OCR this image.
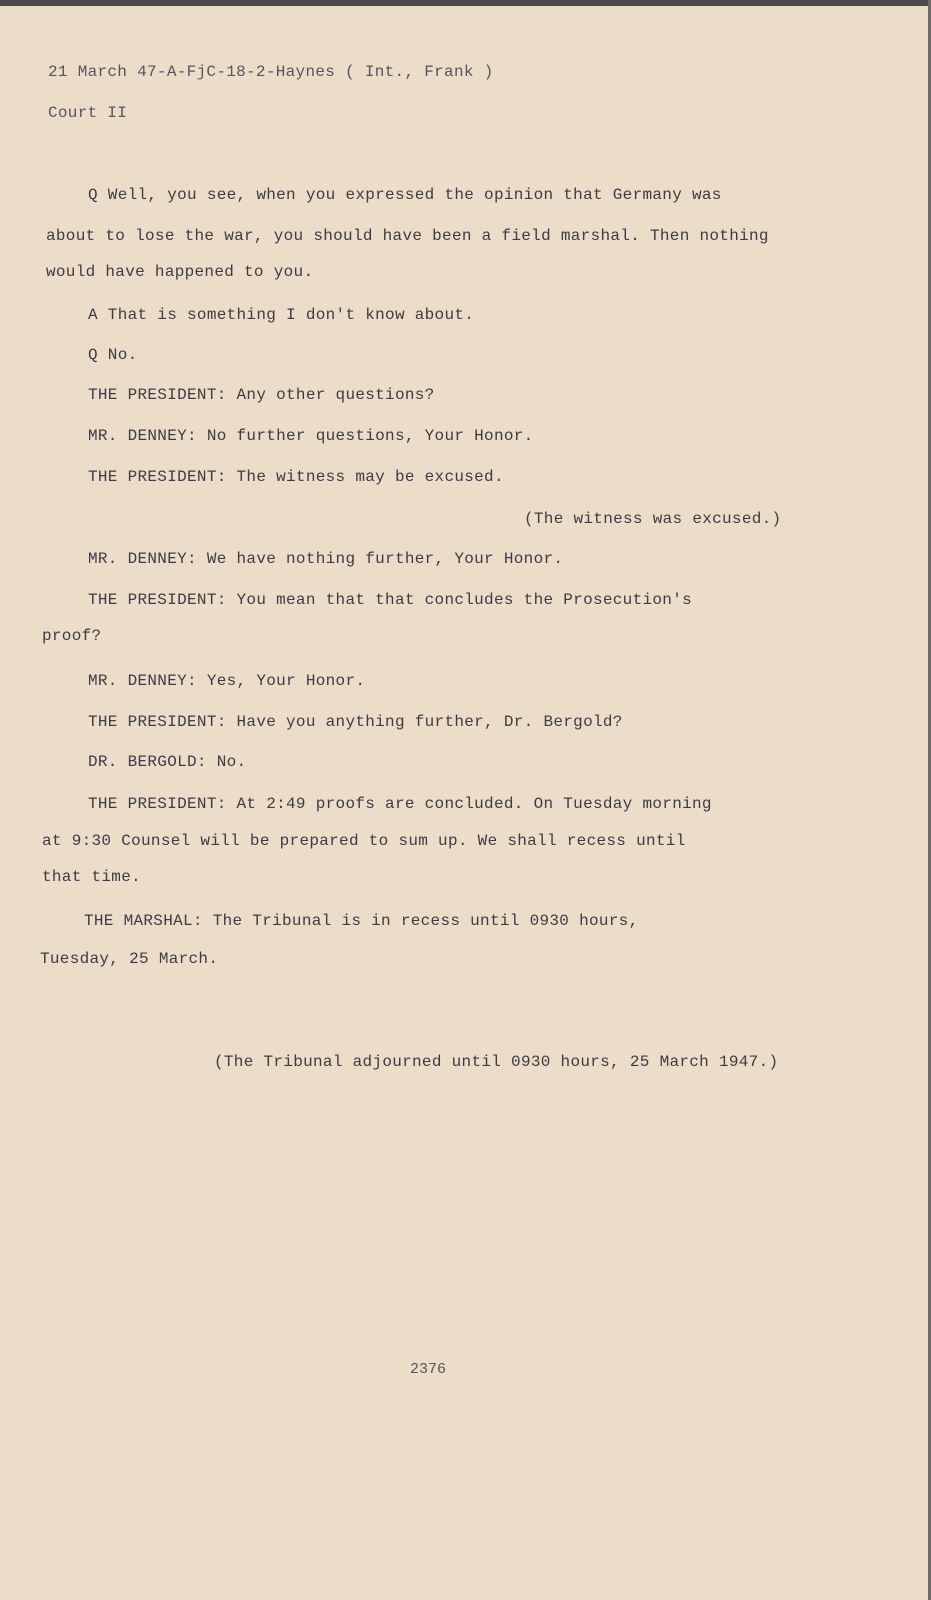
21 March 47-A-FjC-18-2-Haynes ( Int., Frank )
Court II
Q Well, you see, when you expressed the opinion that Germany was
about to lose the war, you should have been a field marshal. Then nothing
would have happened to you.
A That is something I don't know about.
Q No.
THE PRESIDENT: Any other questions?
MR. DENNEY: No further questions, Your Honor.
THE PRESIDENT: The witness may be excused.
(The witness was excused.)
MR. DENNEY: We have nothing further, Your Honor.
THE PRESIDENT: You mean that that concludes the Prosecution's
proof?
MR. DENNEY: Yes, Your Honor.
THE PRESIDENT: Have you anything further, Dr. Bergold?
DR. BERGOLD: No.
THE PRESIDENT: At 2:49 proofs are concluded. On Tuesday morning
at 9:30 Counsel will be prepared to sum up. We shall recess until
that time.
THE MARSHAL: The Tribunal is in recess until 0930 hours,
Tuesday, 25 March.
(The Tribunal adjourned until 0930 hours, 25 March 1947.)
2376
